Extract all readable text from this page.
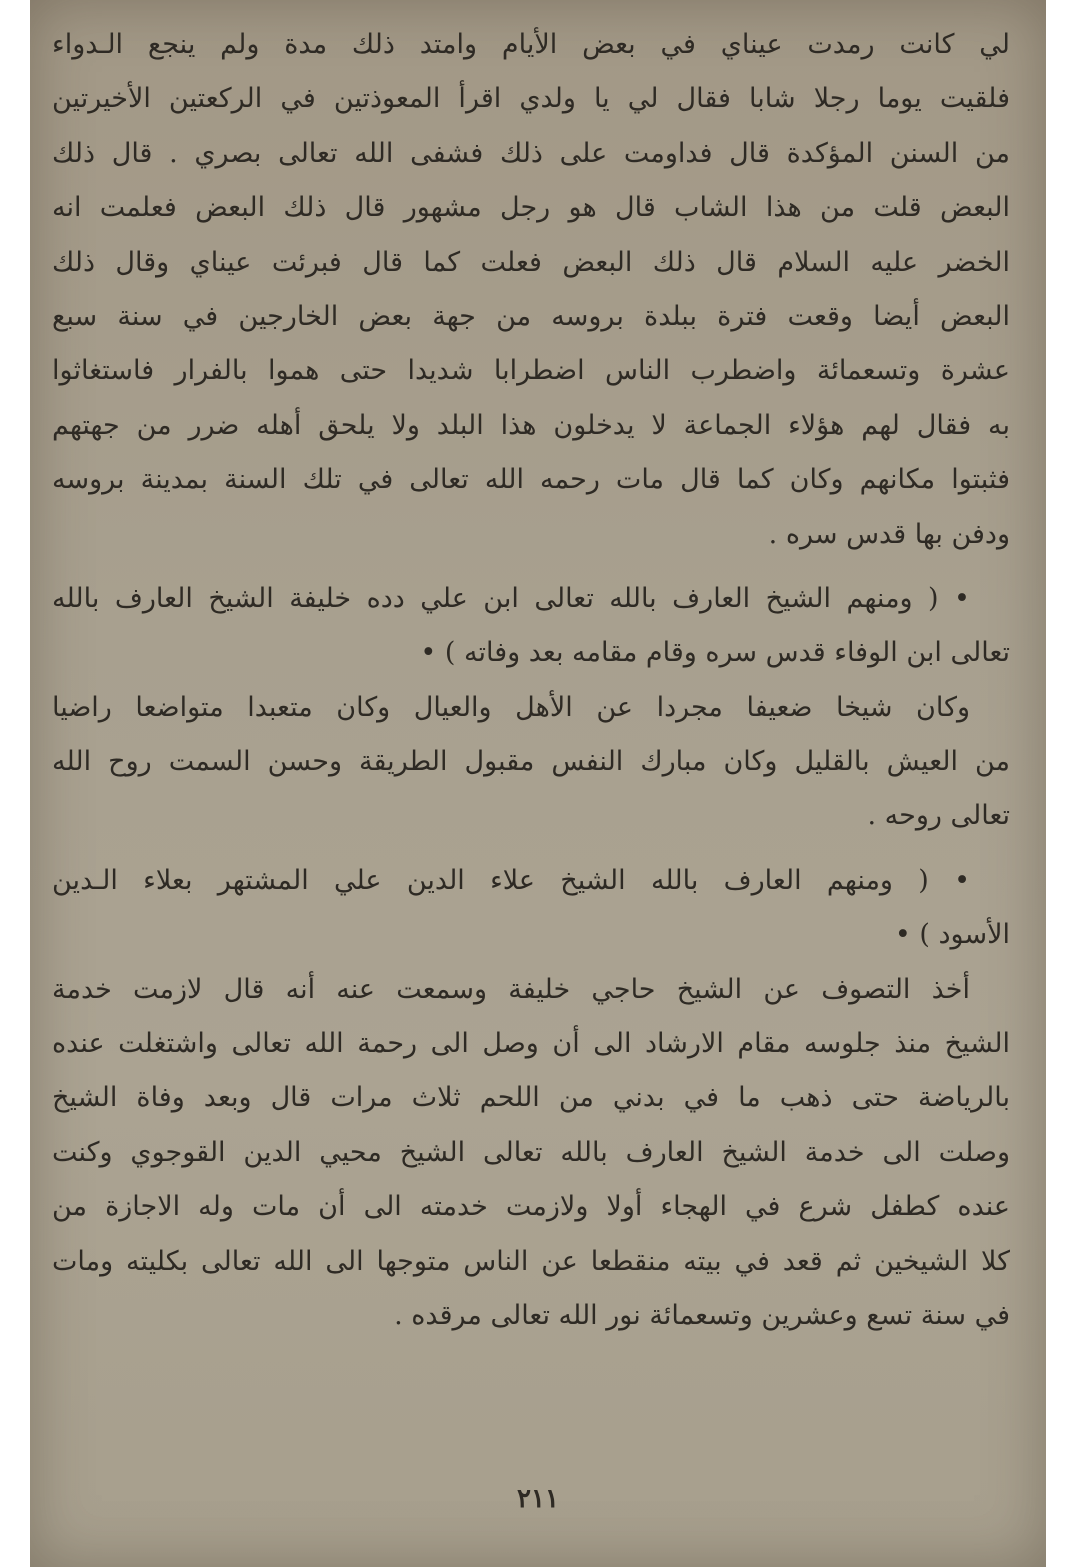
لي كانت رمدت عيناي في بعض الأيام وامتد ذلك مدة ولم ينجع الـدواء
فلقيت يوما رجلا شابا فقال لي يا ولدي اقرأ المعوذتين في الركعتين الأخيرتين
من السنن المؤكدة قال فداومت على ذلك فشفى الله تعالى بصري . قال ذلك
البعض قلت من هذا الشاب قال هو رجل مشهور قال ذلك البعض فعلمت انه
الخضر عليه السلام قال ذلك البعض فعلت كما قال فبرئت عيناي وقال ذلك
البعض أيضا وقعت فترة ببلدة بروسه من جهة بعض الخارجين في سنة سبع
عشرة وتسعمائة واضطرب الناس اضطرابا شديدا حتى هموا بالفرار فاستغاثوا
به فقال لهم هؤلاء الجماعة لا يدخلون هذا البلد ولا يلحق أهله ضرر من جهتهم
فثبتوا مكانهم وكان كما قال مات رحمه الله تعالى في تلك السنة بمدينة بروسه
ودفن بها قدس سره .
• ( ومنهم الشيخ العارف بالله تعالى ابن علي دده خليفة الشيخ العارف بالله
تعالى ابن الوفاء قدس سره وقام مقامه بعد وفاته ) •
وكان شيخا ضعيفا مجردا عن الأهل والعيال وكان متعبدا متواضعا راضيا
من العيش بالقليل وكان مبارك النفس مقبول الطريقة وحسن السمت روح الله
تعالى روحه .
• ( ومنهم العارف بالله الشيخ علاء الدين علي المشتهر بعلاء الـدين
الأسود ) •
أخذ التصوف عن الشيخ حاجي خليفة وسمعت عنه أنه قال لازمت خدمة
الشيخ منذ جلوسه مقام الارشاد الى أن وصل الى رحمة الله تعالى واشتغلت عنده
بالرياضة حتى ذهب ما في بدني من اللحم ثلاث مرات قال وبعد وفاة الشيخ
وصلت الى خدمة الشيخ العارف بالله تعالى الشيخ محيي الدين القوجوي وكنت
عنده كطفل شرع في الهجاء أولا ولازمت خدمته الى أن مات وله الاجازة من
كلا الشيخين ثم قعد في بيته منقطعا عن الناس متوجها الى الله تعالى بكليته ومات
في سنة تسع وعشرين وتسعمائة نور الله تعالى مرقده .
٢١١
